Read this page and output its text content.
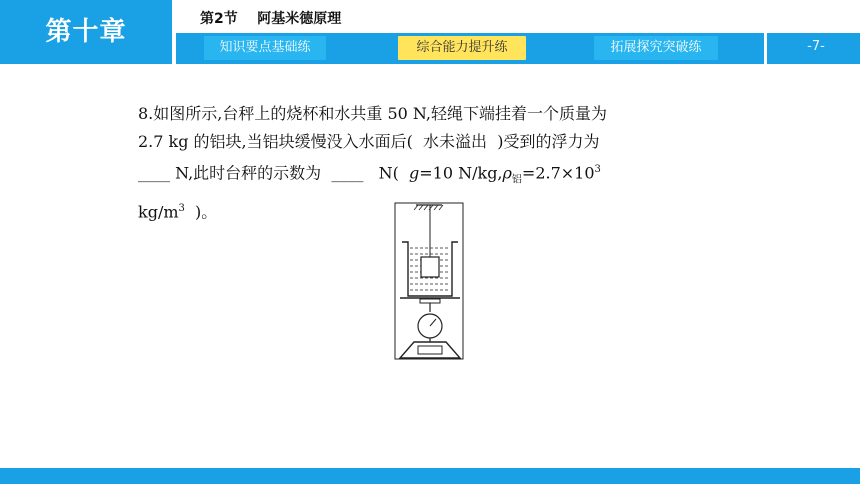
第十章	第2节    阿基米德原理
知识要点基础练	综合能力提升练	拓展探究突破练	-7-
8.如图所示,台秤上的烧杯和水共重 50 N,轻绳下端挂着一个质量为
2.7 kg 的铝块,当铝块缓慢没入水面后(  水未溢出  )受到的浮力为
____ N,此时台秤的示数为  ____   N(  g=10 $N/kg,\rho_铝=2.7\times 10^3$
$kg/m^3$  )。
